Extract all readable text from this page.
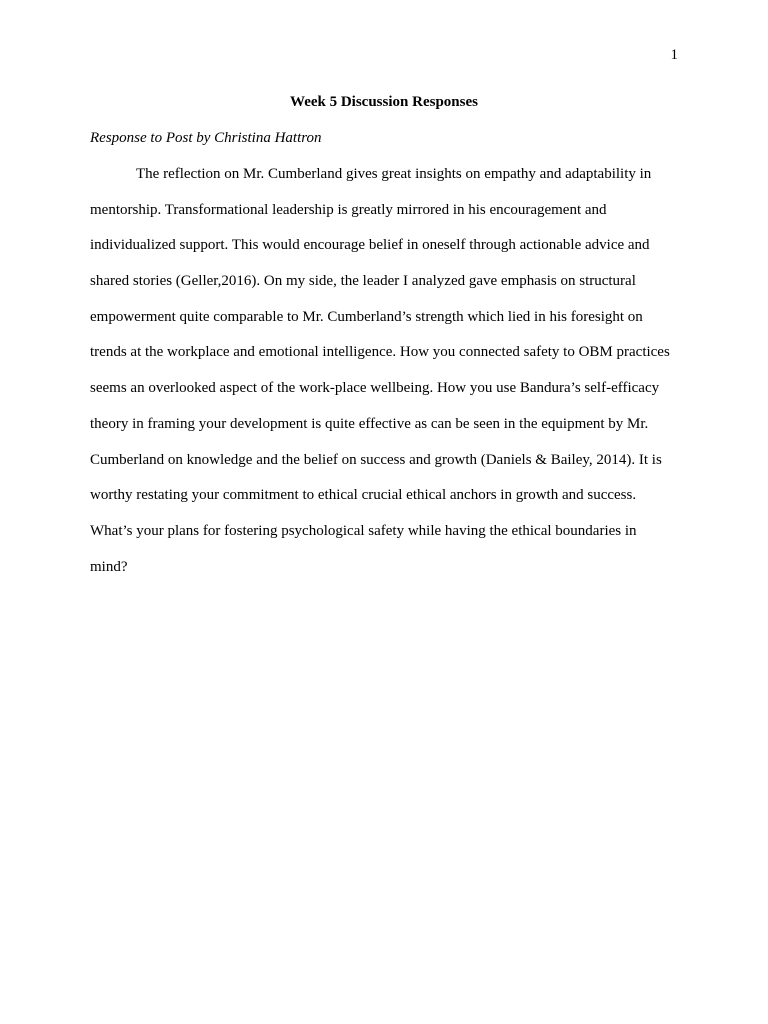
1
Week 5 Discussion Responses
Response to Post by Christina Hattron
The reflection on Mr. Cumberland gives great insights on empathy and adaptability in
mentorship. Transformational leadership is greatly mirrored in his encouragement and
individualized support. This would encourage belief in oneself through actionable advice and
shared stories (Geller,2016). On my side, the leader I analyzed gave emphasis on structural
empowerment quite comparable to Mr. Cumberland’s strength which lied in his foresight on
trends at the workplace and emotional intelligence. How you connected safety to OBM practices
seems an overlooked aspect of the work-place wellbeing. How you use Bandura’s self-efficacy
theory in framing your development is quite effective as can be seen in the equipment by Mr.
Cumberland on knowledge and the belief on success and growth (Daniels & Bailey, 2014). It is
worthy restating your commitment to ethical crucial ethical anchors in growth and success.
What’s your plans for fostering psychological safety while having the ethical boundaries in
mind?
